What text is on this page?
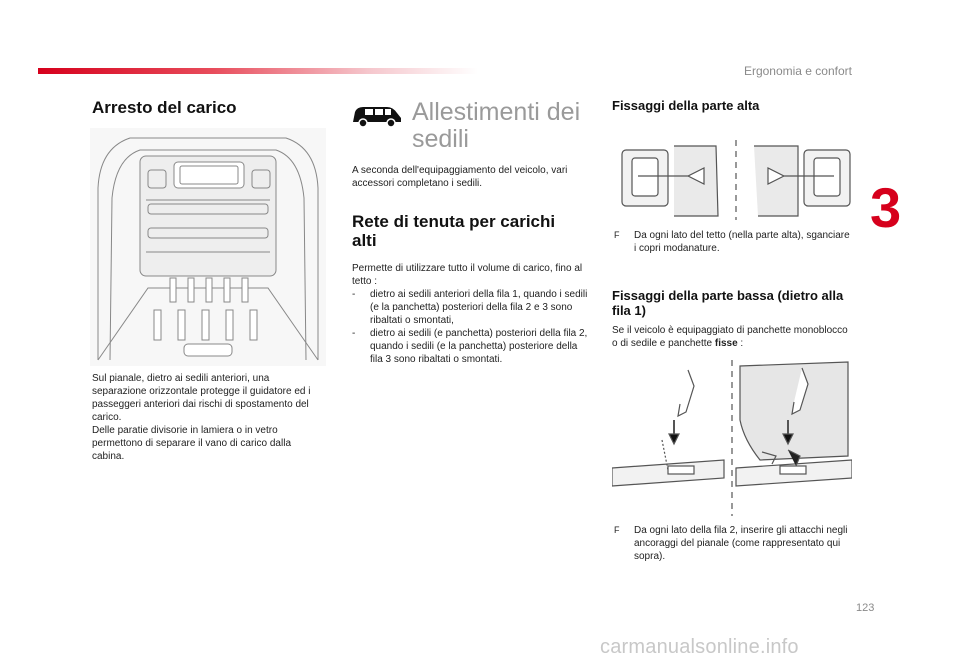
Ergonomia e confort
3
Arresto del carico

Sul pianale, dietro ai sedili anteriori, una separazione orizzontale protegge il guidatore ed i passeggeri anteriori dai rischi di spostamento del carico.
Delle paratie divisorie in lamiera o in vetro permettono di separare il vano di carico dalla cabina.

Allestimenti dei sedili
A seconda dell'equipaggiamento del veicolo, vari accessori completano i sedili.
Rete di tenuta per carichi alti

Permette di utilizzare tutto il volume di carico, fino al tetto :

- dietro ai sedili anteriori della fila 1, quando i sedili (e la panchetta) posteriori della fila 2 e 3 sono ribaltati o smontati,
- dietro ai sedili (e panchetta) posteriori della fila 2, quando i sedili (e la panchetta) posteriore della fila 3 sono ribaltati o smontati.
Fissaggi della parte alta
F Da ogni lato del tetto (nella parte alta), sganciare i copri modanature.
Fissaggi della parte bassa (dietro alla fila 1)
Se il veicolo è equipaggiato di panchette monoblocco o di sedile e panchette fisse :
F Da ogni lato della fila 2, inserire gli attacchi negli ancoraggi del pianale (come rappresentato qui sopra).
123
carmanualsonline.info
